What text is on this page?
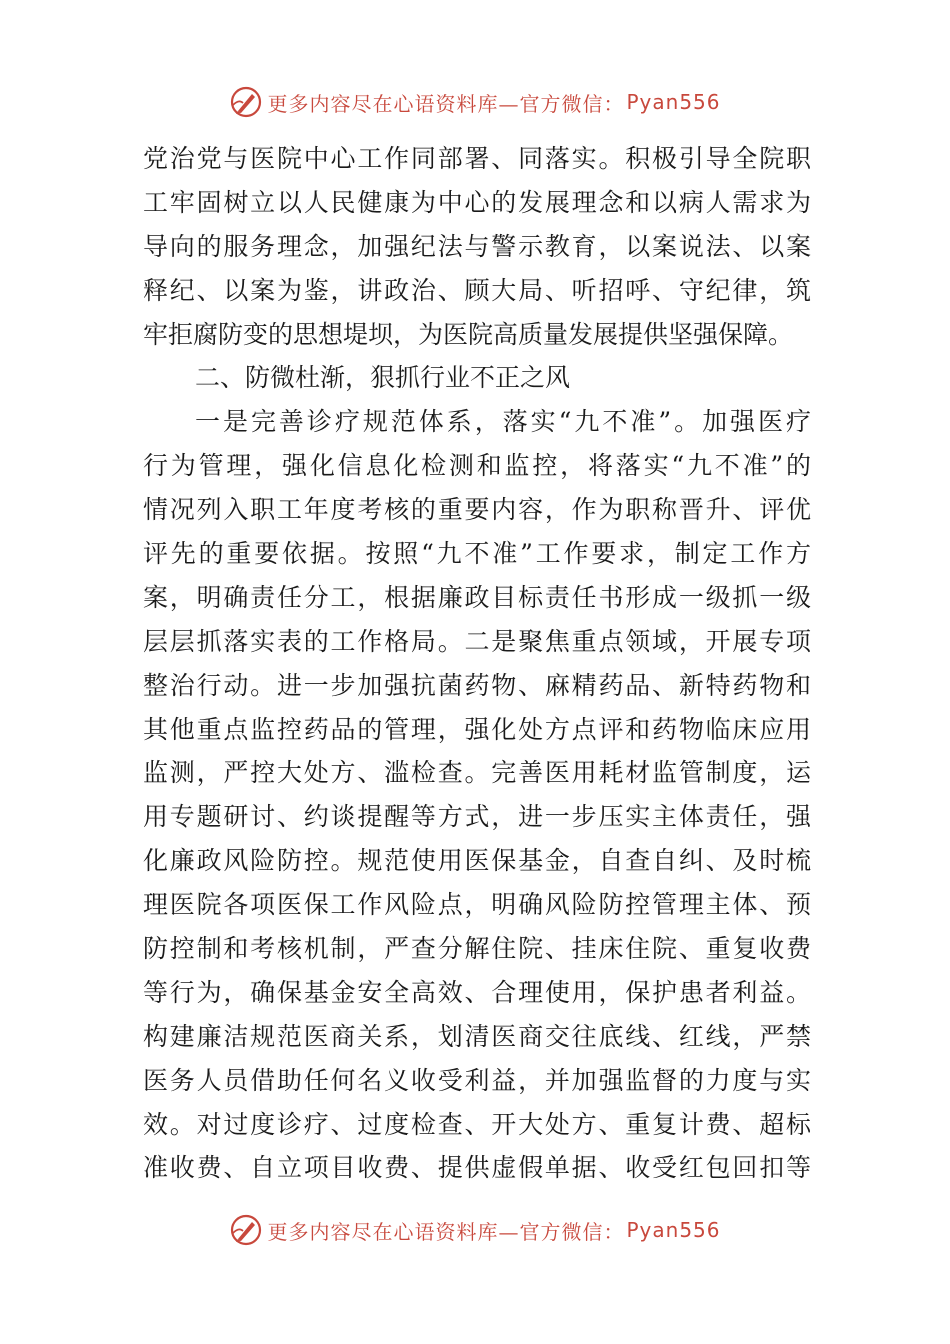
更多内容尽在心语资料库—官方微信： Pyan556
党治党与医院中心工作同部署、同落实。积极引导全院职
工牢固树立以人民健康为中心的发展理念和以病人需求为
导向的服务理念，加强纪法与警示教育，以案说法、以案
释纪、以案为鉴，讲政治、顾大局、听招呼、守纪律，筑
牢拒腐防变的思想堤坝，为医院高质量发展提供坚强保障。
二、防微杜渐，狠抓行业不正之风
一是完善诊疗规范体系，落实“九不准”。加强医疗
行为管理，强化信息化检测和监控，将落实“九不准”的
情况列入职工年度考核的重要内容，作为职称晋升、评优
评先的重要依据。按照“九不准”工作要求，制定工作方
案，明确责任分工，根据廉政目标责任书形成一级抓一级
层层抓落实表的工作格局。二是聚焦重点领域，开展专项
整治行动。进一步加强抗菌药物、麻精药品、新特药物和
其他重点监控药品的管理，强化处方点评和药物临床应用
监测，严控大处方、滥检查。完善医用耗材监管制度，运
用专题研讨、约谈提醒等方式，进一步压实主体责任，强
化廉政风险防控。规范使用医保基金，自查自纠、及时梳
理医院各项医保工作风险点，明确风险防控管理主体、预
防控制和考核机制，严查分解住院、挂床住院、重复收费
等行为，确保基金安全高效、合理使用，保护患者利益。
构建廉洁规范医商关系，划清医商交往底线、红线，严禁
医务人员借助任何名义收受利益，并加强监督的力度与实
效。对过度诊疗、过度检查、开大处方、重复计费、超标
准收费、自立项目收费、提供虚假单据、收受红包回扣等
更多内容尽在心语资料库—官方微信： Pyan556
